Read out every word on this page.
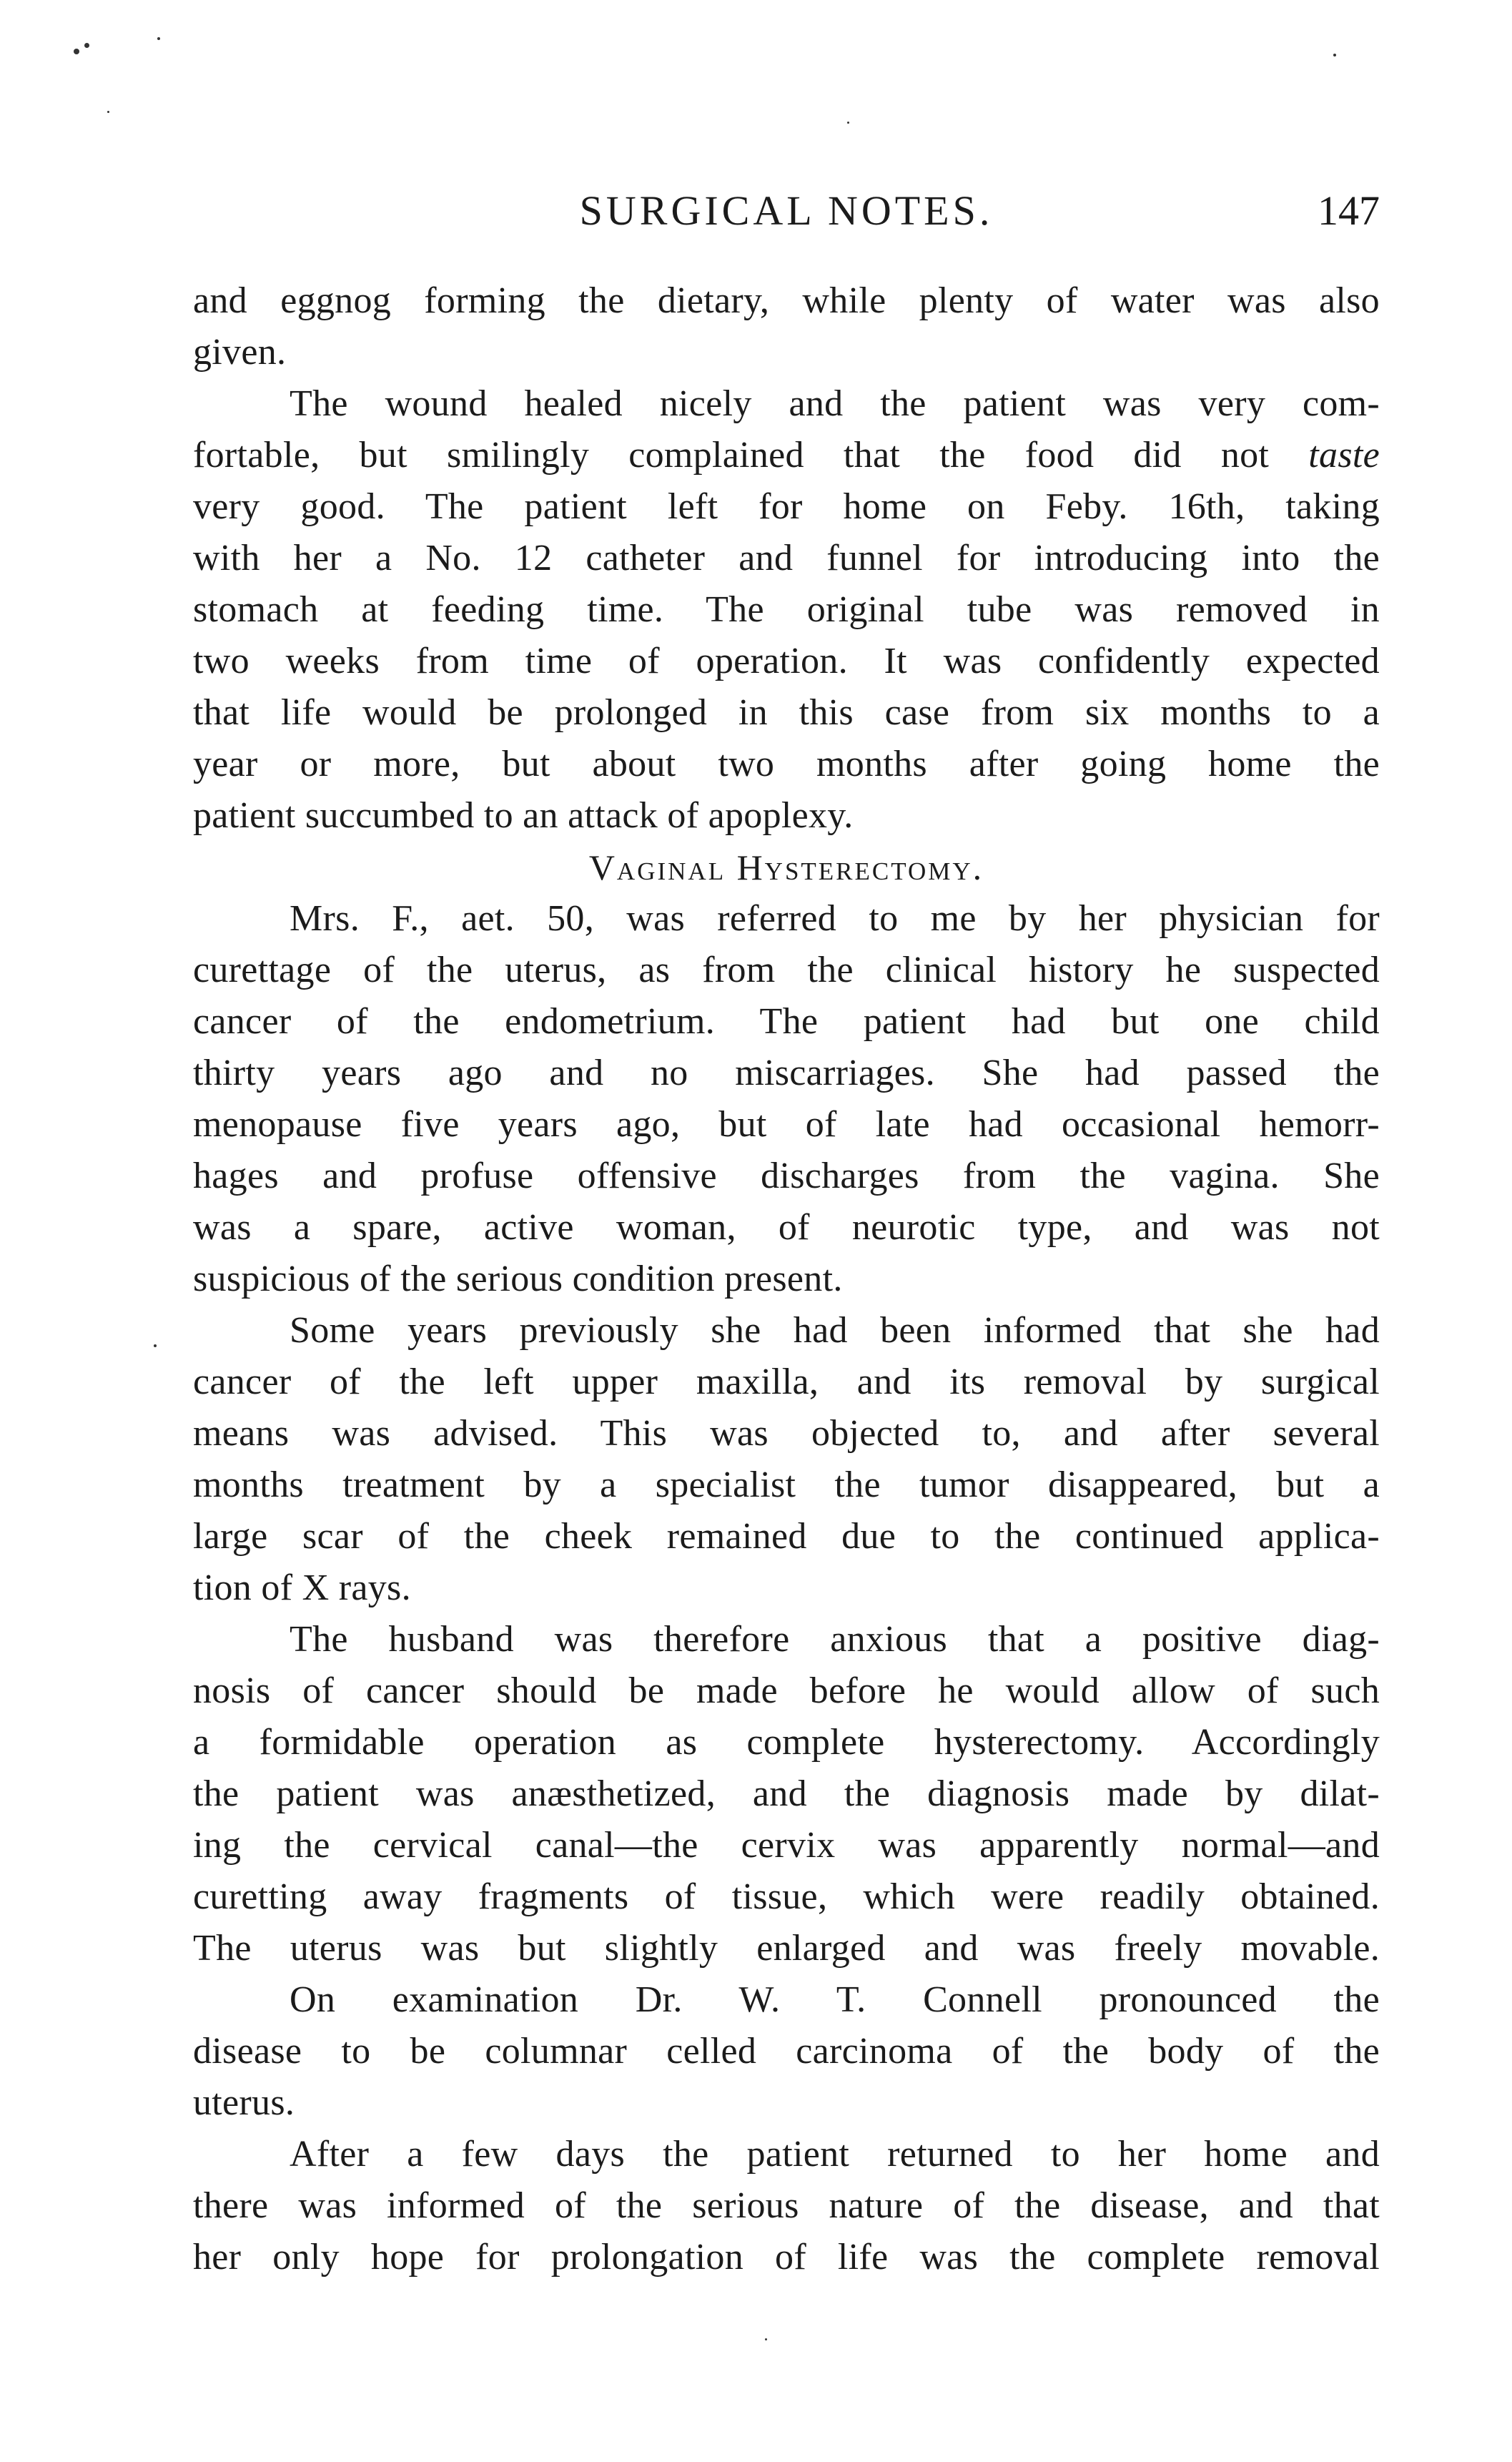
SURGICAL NOTES.	147
and eggnog forming the dietary, while plenty of water was also
given.
The wound healed nicely and the patient was very com-
fortable, but smilingly complained that the food did not taste
very good. The patient left for home on Feby. 16th, taking
with her a No. 12 catheter and funnel for introducing into the
stomach at feeding time. The original tube was removed in
two weeks from time of operation. It was confidently expected
that life would be prolonged in this case from six months to a
year or more, but about two months after going home the
patient succumbed to an attack of apoplexy.
Vaginal Hysterectomy.
Mrs. F., aet. 50, was referred to me by her physician for
curettage of the uterus, as from the clinical history he suspected
cancer of the endometrium. The patient had but one child
thirty years ago and no miscarriages. She had passed the
menopause five years ago, but of late had occasional hemorr-
hages and profuse offensive discharges from the vagina. She
was a spare, active woman, of neurotic type, and was not
suspicious of the serious condition present.
Some years previously she had been informed that she had
cancer of the left upper maxilla, and its removal by surgical
means was advised. This was objected to, and after several
months treatment by a specialist the tumor disappeared, but a
large scar of the cheek remained due to the continued applica-
tion of X rays.
The husband was therefore anxious that a positive diag-
nosis of cancer should be made before he would allow of such
a formidable operation as complete hysterectomy. Accordingly
the patient was anæsthetized, and the diagnosis made by dilat-
ing the cervical canal—the cervix was apparently normal—and
curetting away fragments of tissue, which were readily obtained.
The uterus was but slightly enlarged and was freely movable.
On examination Dr. W. T. Connell pronounced the
disease to be columnar celled carcinoma of the body of the
uterus.
After a few days the patient returned to her home and
there was informed of the serious nature of the disease, and that
her only hope for prolongation of life was the complete removal
